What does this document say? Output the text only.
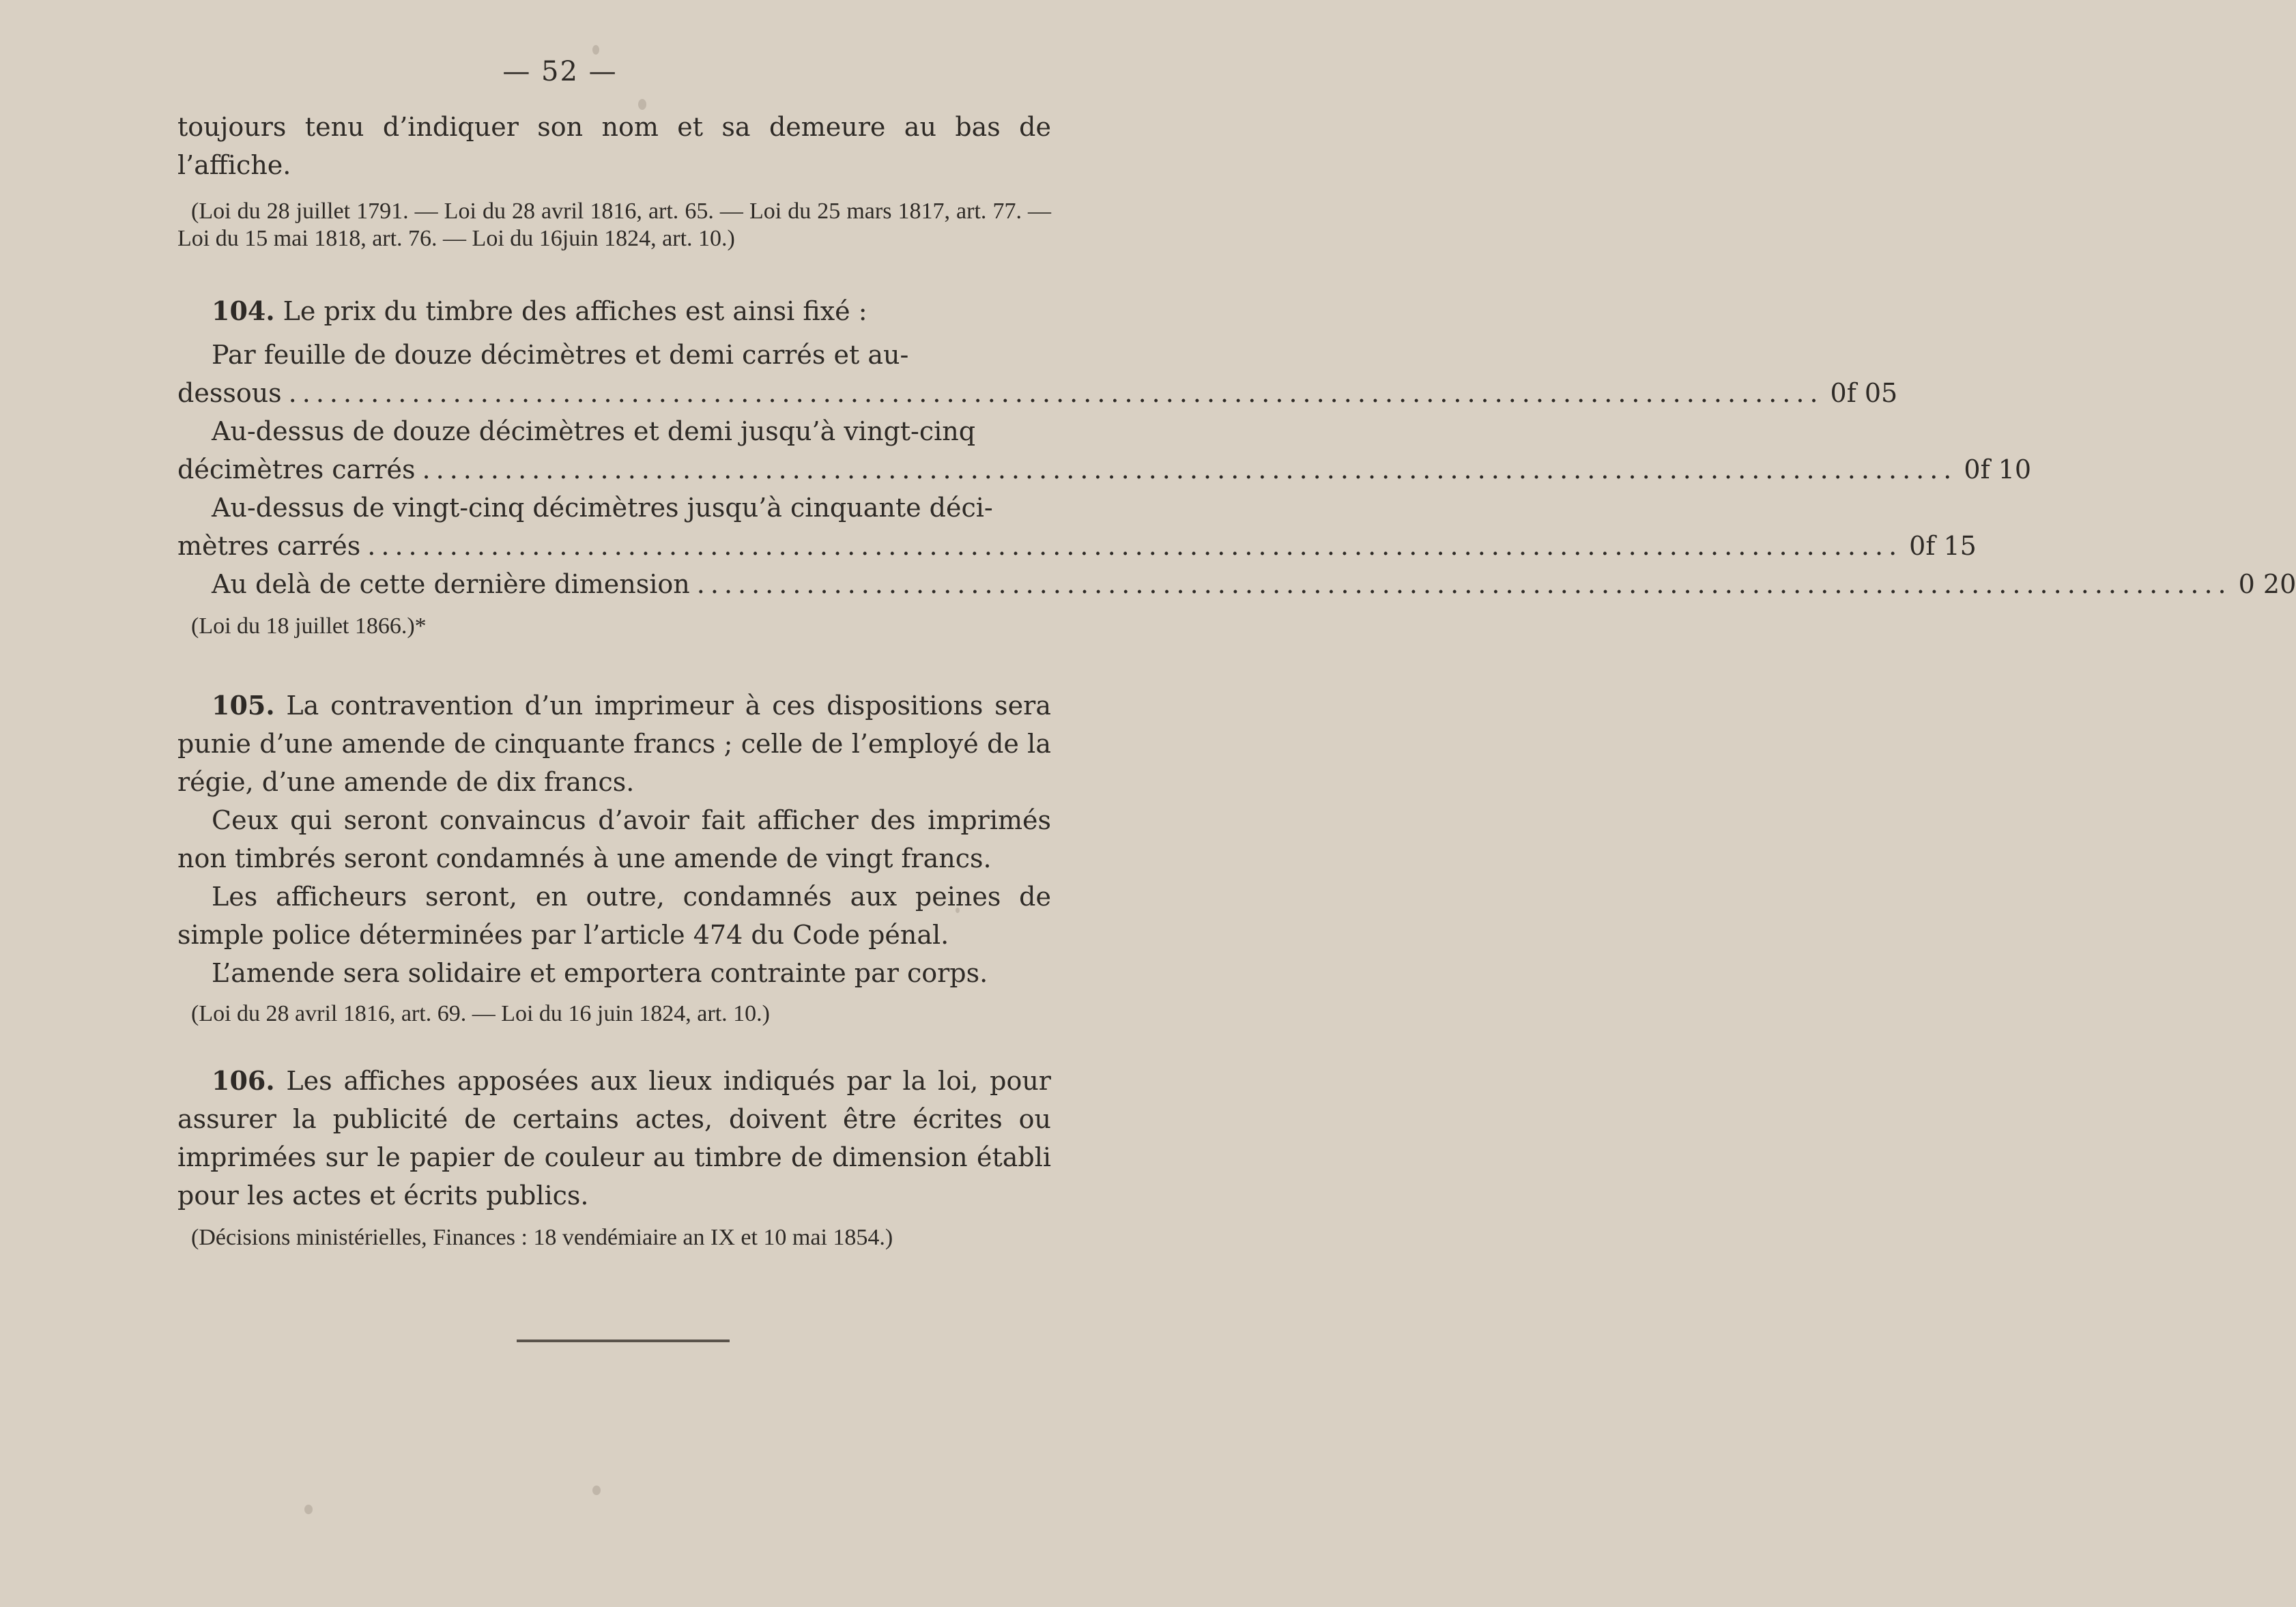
— 52 —

toujours tenu d’indiquer son nom et sa demeure au bas de l’affiche.

(Loi du 28 juillet 1791. — Loi du 28 avril 1816, art. 65. — Loi du 25 mars 1817, art. 77. — Loi du 15 mai 1818, art. 76. — Loi du 16juin 1824, art. 10.)

104. Le prix du timbre des affiches est ainsi fixé :

Par feuille de douze décimètres et demi carrés et au-
dessous ................................................................................................................ 0f 05
Au-dessus de douze décimètres et demi jusqu’à vingt-cinq
décimètres carrés ................................................................................................................ 0f 10
Au-dessus de vingt-cinq décimètres jusqu’à cinquante déci-
mètres carrés ................................................................................................................ 0f 15
Au delà de cette dernière dimension ................................................................................................................ 0 20

(Loi du 18 juillet 1866.)*

105. La contravention d’un imprimeur à ces dispositions sera punie d’une amende de cinquante francs ; celle de l’employé de la régie, d’une amende de dix francs.

Ceux qui seront convaincus d’avoir fait afficher des imprimés non timbrés seront condamnés à une amende de vingt francs.

Les afficheurs seront, en outre, condamnés aux peines de simple police déterminées par l’article 474 du Code pénal.

L’amende sera solidaire et emportera contrainte par corps.

(Loi du 28 avril 1816, art. 69. — Loi du 16 juin 1824, art. 10.)

106. Les affiches apposées aux lieux indiqués par la loi, pour assurer la publicité de certains actes, doivent être écrites ou imprimées sur le papier de couleur au timbre de dimension établi pour les actes et écrits publics.

(Décisions ministérielles, Finances : 18 vendémiaire an IX et 10 mai 1854.)
